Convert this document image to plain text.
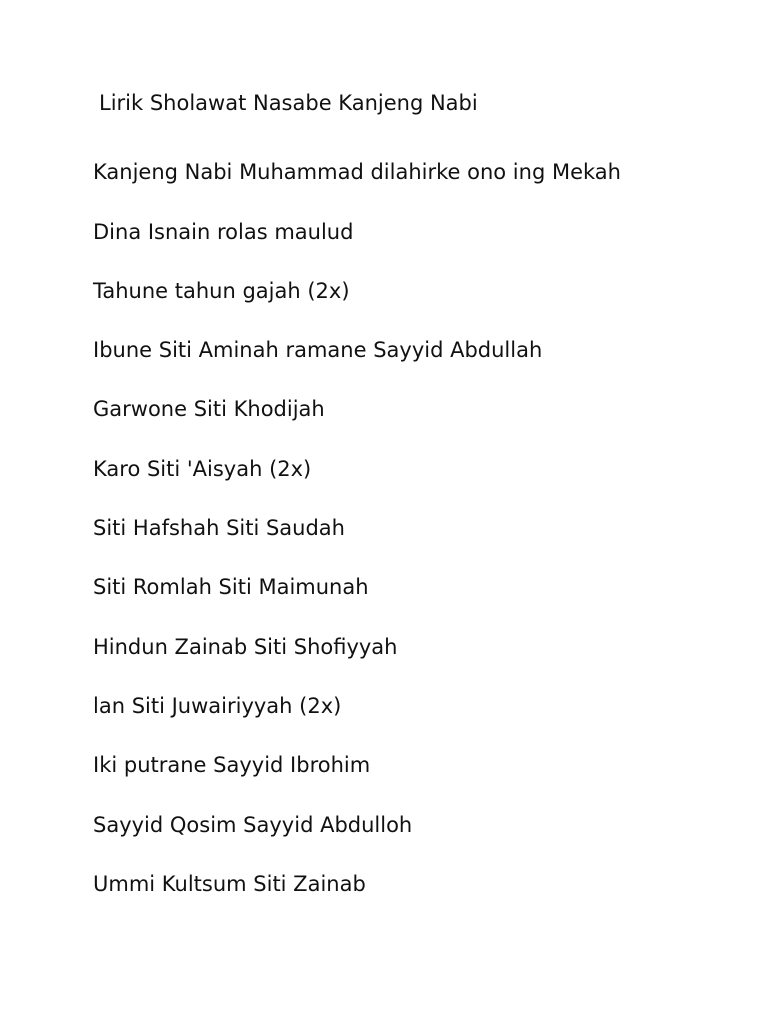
Lirik Sholawat Nasabe Kanjeng Nabi
Kanjeng Nabi Muhammad dilahirke ono ing Mekah
Dina Isnain rolas maulud
Tahune tahun gajah (2x)
Ibune Siti Aminah ramane Sayyid Abdullah
Garwone Siti Khodijah
Karo Siti 'Aisyah (2x)
Siti Hafshah Siti Saudah
Siti Romlah Siti Maimunah
Hindun Zainab Siti Shofiyyah
lan Siti Juwairiyyah (2x)
Iki putrane Sayyid Ibrohim
Sayyid Qosim Sayyid Abdulloh
Ummi Kultsum Siti Zainab
